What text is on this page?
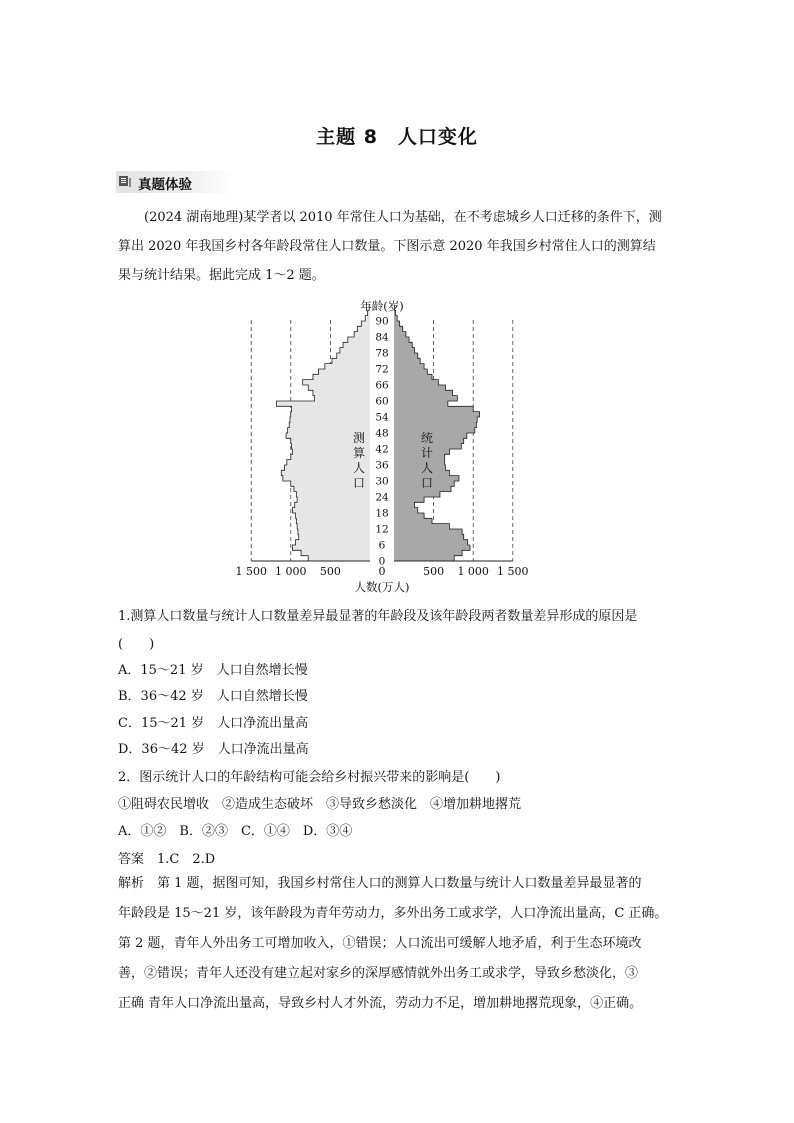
主题 8　人口变化
真题体验
(2024 湖南地理)某学者以 2010 年常住人口为基础，在不考虑城乡人口迁移的条件下，测
算出 2020 年我国乡村各年龄段常住人口数量。下图示意 2020 年我国乡村常住人口的测算结
果与统计结果。据此完成 1～2 题。
0
6
12
18
24
30
36
42
48
54
60
66
72
78
84
90
1 500 1 000 500	0	500 1 000 1 500
年龄(岁)
人数(万人)
测
算
人
口
统
计
人
口
1.测算人口数量与统计人口数量差异最显著的年龄段及该年龄段两者数量差异形成的原因是
(　　)
A．15～21 岁　人口自然增长慢
B．36～42 岁　人口自然增长慢
C．15～21 岁　人口净流出量高
D．36～42 岁　人口净流出量高
2．图示统计人口的年龄结构可能会给乡村振兴带来的影响是(　　)
①阻碍农民增收　②造成生态破坏　③导致乡愁淡化　④增加耕地撂荒
A．①②　B．②③　C．①④　D．③④
答案　1.C　2.D
解析　第 1 题，据图可知，我国乡村常住人口的测算人口数量与统计人口数量差异最显著的
年龄段是 15～21 岁，该年龄段为青年劳动力，多外出务工或求学，人口净流出量高，C 正确。
第 2 题，青年人外出务工可增加收入，①错误；人口流出可缓解人地矛盾，利于生态环境改
善，②错误；青年人还没有建立起对家乡的深厚感情就外出务工或求学，导致乡愁淡化，③
正确 青年人口净流出量高，导致乡村人才外流，劳动力不足，增加耕地撂荒现象，④正确。
